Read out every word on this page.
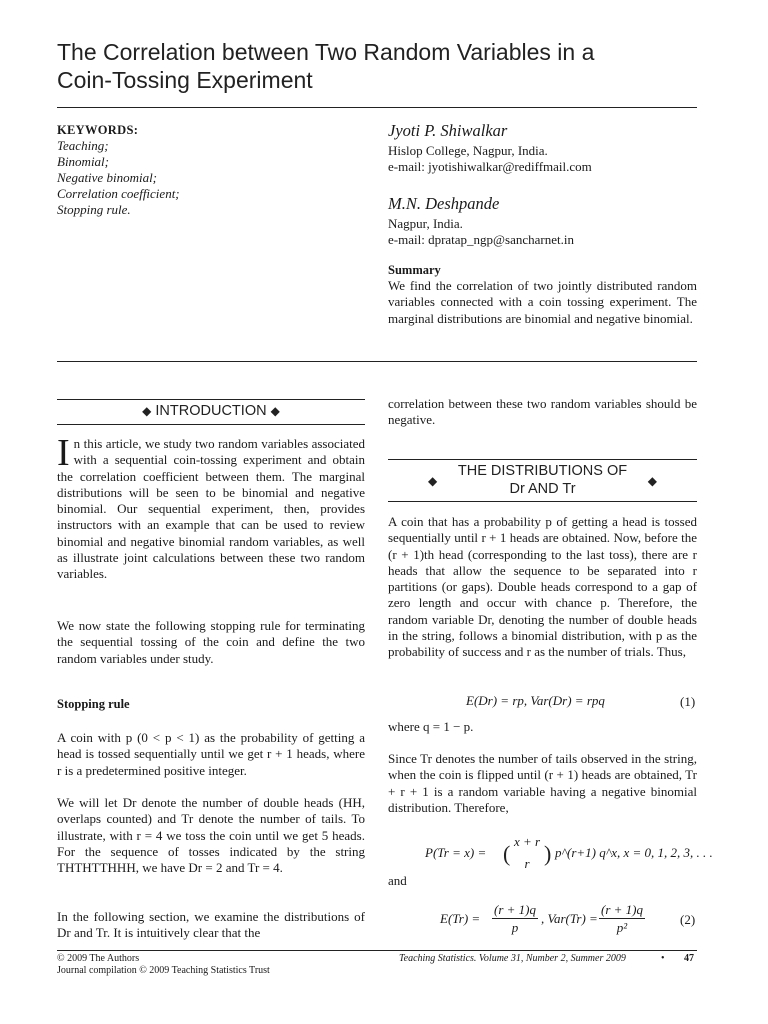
The Correlation between Two Random Variables in a
Coin-Tossing Experiment
KEYWORDS:
Teaching;
Binomial;
Negative binomial;
Correlation coefficient;
Stopping rule.
Jyoti P. Shiwalkar
Hislop College, Nagpur, India.
e-mail: jyotishiwalkar@rediffmail.com
M.N. Deshpande
Nagpur, India.
e-mail: dpratap_ngp@sancharnet.in
Summary
We find the correlation of two jointly distributed random variables connected with a coin tossing experiment. The marginal distributions are binomial and negative binomial.
◆ INTRODUCTION ◆
In this article, we study two random variables associated with a sequential coin-tossing experiment and obtain the correlation coefficient between them. The marginal distributions will be seen to be binomial and negative binomial. Our sequential experiment, then, provides instructors with an example that can be used to review binomial and negative binomial random variables, as well as illustrate joint calculations between these two random variables.
We now state the following stopping rule for terminating the sequential tossing of the coin and define the two random variables under study.
Stopping rule
A coin with p (0 < p < 1) as the probability of getting a head is tossed sequentially until we get r + 1 heads, where r is a predetermined positive integer.
We will let Dr denote the number of double heads (HH, overlaps counted) and Tr denote the number of tails. To illustrate, with r = 4 we toss the coin until we get 5 heads. For the sequence of tosses indicated by the string THTHTTHHH, we have Dr = 2 and Tr = 4.
In the following section, we examine the distributions of Dr and Tr. It is intuitively clear that the
correlation between these two random variables should be negative.
◆
THE DISTRIBUTIONS OF
Dr AND Tr	◆
A coin that has a probability p of getting a head is tossed sequentially until r + 1 heads are obtained. Now, before the (r + 1)th head (corresponding to the last toss), there are r heads that allow the sequence to be separated into r partitions (or gaps). Double heads correspond to a gap of zero length and occur with chance p. Therefore, the random variable Dr, denoting the number of double heads in the string, follows a binomial distribution, with p as the probability of success and r as the number of trials. Thus,
E(Dr) = rp, Var(Dr) = rpq	(1)
where q = 1 − p.
Since Tr denotes the number of tails observed in the string, when the coin is flipped until (r + 1) heads are obtained, Tr + r + 1 is a random variable having a negative binomial distribution. Therefore,
P(Tr = x) = ( x + r
r ) p^(r+1) q^x, x = 0, 1, 2, 3, . . .
and
E(Tr) =
(r + 1)q
p
, Var(Tr) =
(r + 1)q
p²
(2)
© 2009 The Authors
Journal compilation © 2009 Teaching Statistics Trust
Teaching Statistics. Volume 31, Number 2, Summer 2009	• 47
